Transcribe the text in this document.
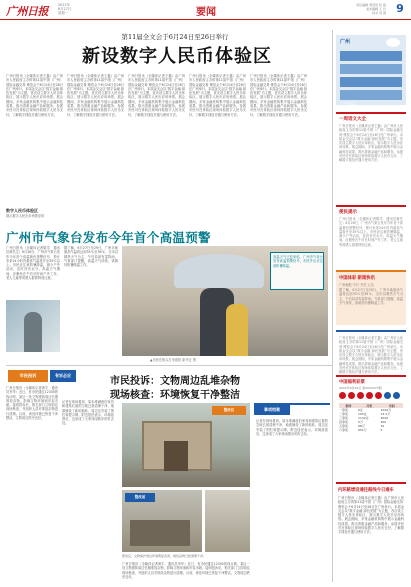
广州日报	2022年
6月27日
星期一	要闻
责任编辑 周安然 彭 娟
美术编辑 王 丹
校对 刘 国 9
第11届全文会于6月24日至26日举行
新设数字人民币体验区
广州日报讯（全媒体记者王鑫）由广州市人民政府主办的第11届中国（广州）国际金融交易·博览会于6月24日至26日在广州举行。本届金交会以“数字金融 绿色发展”为主题，首次设立数字人民币体验区，展示数字人民币应用场景。展会期间，多家金融机构集中展示金融科技成果，推出普惠金融产品和服务。参展市民可在体验区现场体验数字人民币支付，了解数字钱包开通与使用方法。
数字人民币体验区
展示数字人民币多场景应用
广州日报讯（全媒体记者王鑫）由广州市人民政府主办的第11届中国（广州）国际金融交易·博览会于6月24日至26日在广州举行。本届金交会以“数字金融 绿色发展”为主题，首次设立数字人民币体验区，展示数字人民币应用场景。展会期间，多家金融机构集中展示金融科技成果，推出普惠金融产品和服务。参展市民可在体验区现场体验数字人民币支付，了解数字钱包开通与使用方法。
广州日报讯（全媒体记者王鑫）由广州市人民政府主办的第11届中国（广州）国际金融交易·博览会于6月24日至26日在广州举行。本届金交会以“数字金融 绿色发展”为主题，首次设立数字人民币体验区，展示数字人民币应用场景。展会期间，多家金融机构集中展示金融科技成果，推出普惠金融产品和服务。参展市民可在体验区现场体验数字人民币支付，了解数字钱包开通与使用方法。
广州日报讯（全媒体记者王鑫）由广州市人民政府主办的第11届中国（广州）国际金融交易·博览会于6月24日至26日在广州举行。本届金交会以“数字金融 绿色发展”为主题，首次设立数字人民币体验区，展示数字人民币应用场景。展会期间，多家金融机构集中展示金融科技成果，推出普惠金融产品和服务。参展市民可在体验区现场体验数字人民币支付，了解数字钱包开通与使用方法。
广州日报讯（全媒体记者王鑫）由广州市人民政府主办的第11届中国（广州）国际金融交易·博览会于6月24日至26日在广州举行。本届金交会以“数字金融 绿色发展”为主题，首次设立数字人民币体验区，展示数字人民币应用场景。展会期间，多家金融机构集中展示金融科技成果，推出普惠金融产品和服务。参展市民可在体验区现场体验数字人民币支付，了解数字钱包开通与使用方法。
广州
空气质量
一周语文大全
广州日报讯（全媒体记者王鑫）由广州市人民政府主办的第11届中国（广州）国际金融交易·博览会于6月24日至26日在广州举行。本届金交会以“数字金融 绿色发展”为主题，首次设立数字人民币体验区，展示数字人民币应用场景。展会期间，多家金融机构集中展示金融科技成果，推出普惠金融产品和服务。参展市民可在体验区现场体验数字人民币支付，了解数字钱包开通与使用方法。
广州市气象台发布今年首个高温预警
广州日报讯（全媒体记者陈学、通讯员黄先生）6月26日，广州市气象台发布今年首个高温黄色预警信号，预计未来24小时内最高气温将升至35℃以上。市民应注意防暑降温，减少户外活动，及时补充水分。高温天气期间，应避免在午后长时间户外工作，老人儿童等易感人群需特别注意。
据了解，6月27日至29日，广州多地最高气温将达到35℃至36℃，全市以晴热天气为主，午后局部有雷阵雨。气象部门提醒，高温天气持续，请做好防暑降温工作。
高温天气已经来临，广州市气象台发布高温预警信号，市民外出应注意防暑降温。
▲市民在街头打伞遮阳 新华社 图
便民提示
广州日报讯（全媒体记者陈学、通讯员黄先生）6月26日，广州市气象台发布今年首个高温黄色预警信号，预计未来24小时内最高气温将升至35℃以上。市民应注意防暑降温，减少户外活动，及时补充水分。高温天气期间，应避免在午后长时间户外工作，老人儿童等易感人群需特别注意。
中国体彩 新闻快讯
广州晚报·今日 开奖 公告
据了解，6月27日至29日，广州多地最高气温将达到35℃至36℃，全市以晴热天气为主，午后局部有雷阵雨。气象部门提醒，高温天气持续，请做好防暑降温工作。
广州日报讯（全媒体记者王鑫）由广州市人民政府主办的第11届中国（广州）国际金融交易·博览会于6月24日至26日在广州举行。本届金交会以“数字金融 绿色发展”为主题，首次设立数字人民币体验区，展示数字人民币应用场景。展会期间，多家金融机构集中展示金融科技成果，推出普惠金融产品和服务。参展市民可在体验区现场体验数字人民币支付，了解数字钱包开通与使用方法。
市民投诉	有诉必应
市民投诉：文物周边乱堆杂物
现场核查：环境恢复干净整洁
广州日报讯（全媒体记者黄宇、通讯员李华）近日，有市民通过12345热线反映，某区一处文物建筑周边长期堆放杂物，影响文物环境和市容市貌。接到投诉后，相关部门立即前往现场核查，并组织人员对堆放杂物进行清理。目前，该处环境已恢复干净整洁，文物周边秩序良好。
记者在现场看到，原本堆满废旧家具和建筑垃圾的空地已被清理干净，地面铺设了新的地砖，周边还安装了围栏和提示牌。附近居民表示，环境改善后，这里成了大家休闲散步的好去处。
整改后
整改前
整改后，文物保护周边环境明显改善，堆放杂物已经清理干净。
广州日报讯（全媒体记者黄宇、通讯员李华）近日，有市民通过12345热线反映，某区一处文物建筑周边长期堆放杂物，影响文物环境和市容市貌。接到投诉后，相关部门立即前往现场核查，并组织人员对堆放杂物进行清理。目前，该处环境已恢复干净整洁，文物周边秩序良好。
事项档案
记者在现场看到，原本堆满废旧家具和建筑垃圾的空地已被清理干净，地面铺设了新的地砖，周边还安装了围栏和提示牌。附近居民表示，环境改善后，这里成了大家休闲散步的好去处。
中国福利彩票
2022年6月26日 第2022073期
期号	开奖	号码
一等奖	6注	1000万
二等奖	105注	13.2万
三等奖	1132注	3000
四等奖	5万	200
五等奖	98万	10
六等奖	651万	5
内环路增设通往路线今日通车
广州日报讯（全媒体记者王鑫）由广州市人民政府主办的第11届中国（广州）国际金融交易·博览会于6月24日至26日在广州举行。本届金交会以“数字金融 绿色发展”为主题，首次设立数字人民币体验区，展示数字人民币应用场景。展会期间，多家金融机构集中展示金融科技成果，推出普惠金融产品和服务。参展市民可在体验区现场体验数字人民币支付，了解数字钱包开通与使用方法。
